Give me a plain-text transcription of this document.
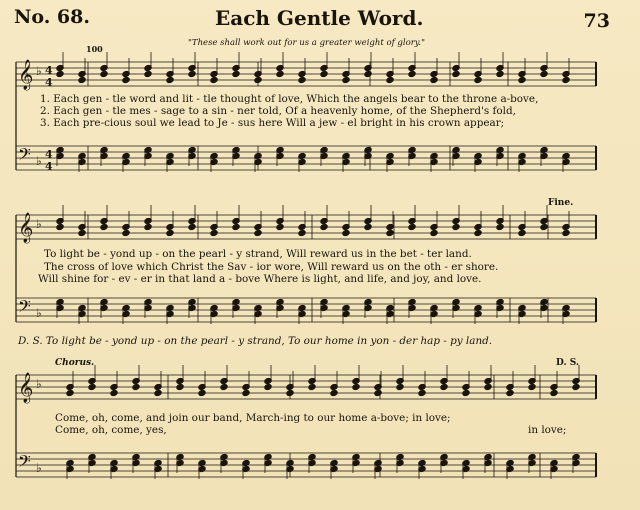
𝄞
𝄢
♭
♭
4
4
4
4
𝄞
𝄢
♭
♭
𝄞
𝄢
♭
♭
No. 68.	Each Gentle Word.	73
"These shall work out for us a greater weight of glory."
100
1. Each gen - tle word and lit - tle thought of love, Which the angels bear to the throne a-bove,
2. Each gen - tle mes - sage to a sin - ner told, Of a heavenly home, of the Shepherd's fold,
3. Each pre-cious soul we lead to Je - sus here Will a jew - el bright in his crown appear;
To light be - yond up - on the pearl - y strand, Will reward us in the bet - ter land.
The cross of love which Christ the Sav - ior wore, Will reward us on the oth - er shore.
Will shine for - ev - er in that land a - bove Where is light, and life, and joy, and love.
Fine.
D. S. To light be - yond up - on the pearl - y strand, To our home in yon - der hap - py land.
Chorus.	D. S.
Come, oh, come, and join our band, March-ing to our home a-bove; in love;
Come, oh, come, yes,	in love;
